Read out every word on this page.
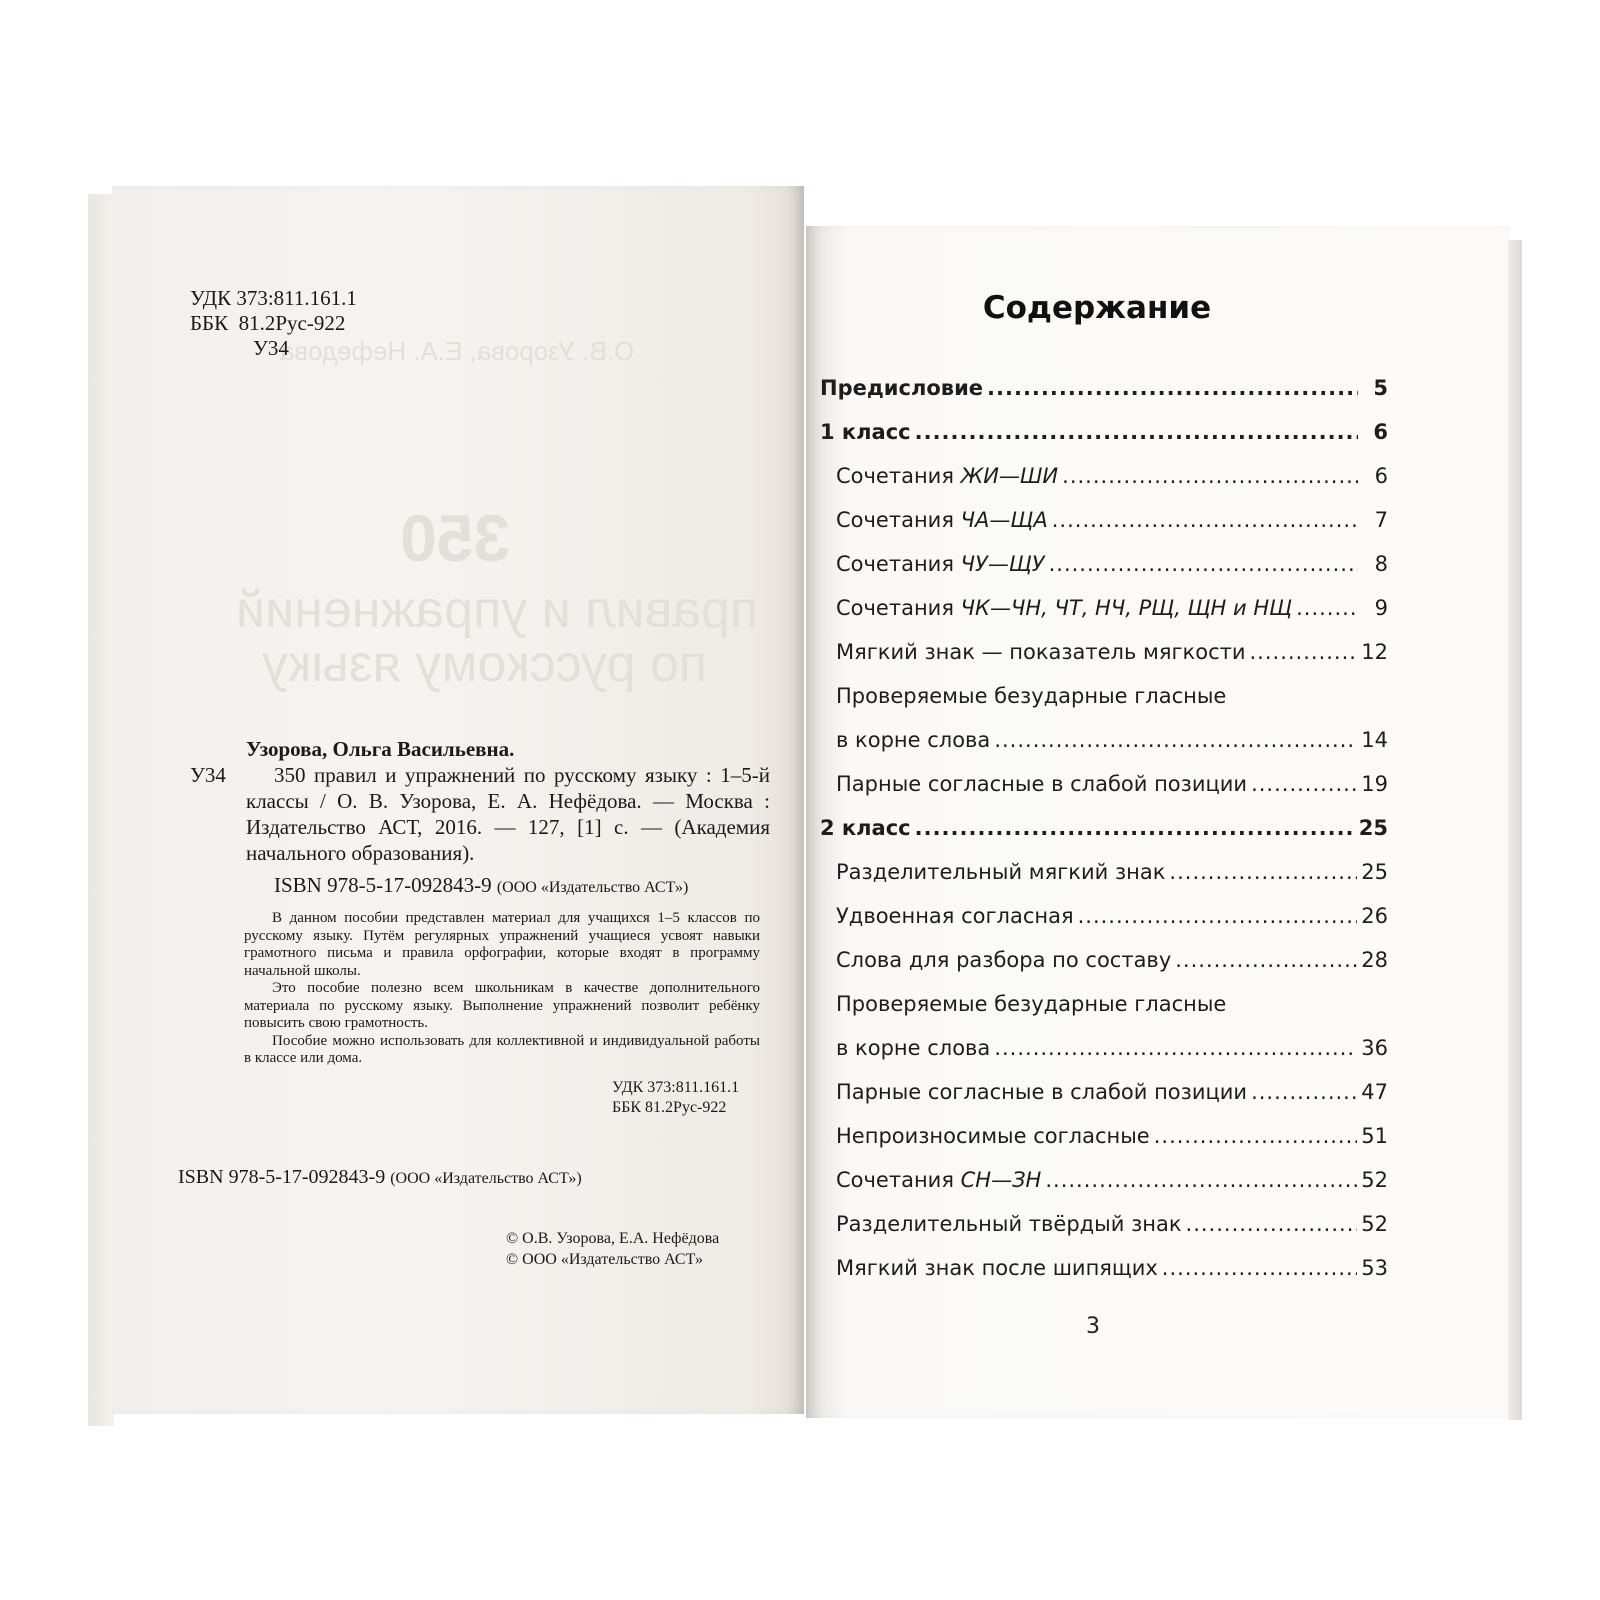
О.В. Узорова, Е.А. Нефедова
350
правил и упражнений
по русскому языку
УДК 373:811.161.1
ББК  81.2Рус-922
У34
Узорова, Ольга Васильевна.
У34	350 правил и упражнений по русскому языку : 1–5-й классы / О. В. Узорова, Е. А. Нефёдова. — Москва : Издательство АСТ, 2016. — 127, [1] с. — (Академия начального образования).
ISBN 978-5-17-092843-9 (ООО «Издательство АСТ»)

В данном пособии представлен материал для учащихся 1–5 классов по русскому языку. Путём регулярных упражнений учащиеся усвоят навыки грамотного письма и правила орфографии, которые входят в программу начальной школы.

Это пособие полезно всем школьникам в качестве дополнительного материала по русскому языку. Выполнение упражнений позволит ребёнку повысить свою грамотность.

Пособие можно использовать для коллективной и индивидуальной работы в классе или дома.

УДК 373:811.161.1
ББК 81.2Рус-922
ISBN 978-5-17-092843-9 (ООО «Издательство АСТ»)
© О.В. Узорова, Е.А. Нефёдова
© ООО «Издательство АСТ»
Содержание
Предисловие .....	5
1 класс .....	6
Сочетания ЖИ—ШИ .....	6
Сочетания ЧА—ЩА .....	7
Сочетания ЧУ—ЩУ .....	8
Сочетания ЧК—ЧН, ЧТ, НЧ, РЩ, ЩН и НЩ .....	9
Мягкий знак — показатель мягкости .....	12
Проверяемые безударные гласные
в корне слова .....	14
Парные согласные в слабой позиции .....	19
2 класс .....	25
Разделительный мягкий знак .....	25
Удвоенная согласная .....	26
Слова для разбора по составу .....	28
Проверяемые безударные гласные
в корне слова .....	36
Парные согласные в слабой позиции .....	47
Непроизносимые согласные .....	51
Сочетания СН—ЗН .....	52
Разделительный твёрдый знак .....	52
Мягкий знак после шипящих .....	53
3
